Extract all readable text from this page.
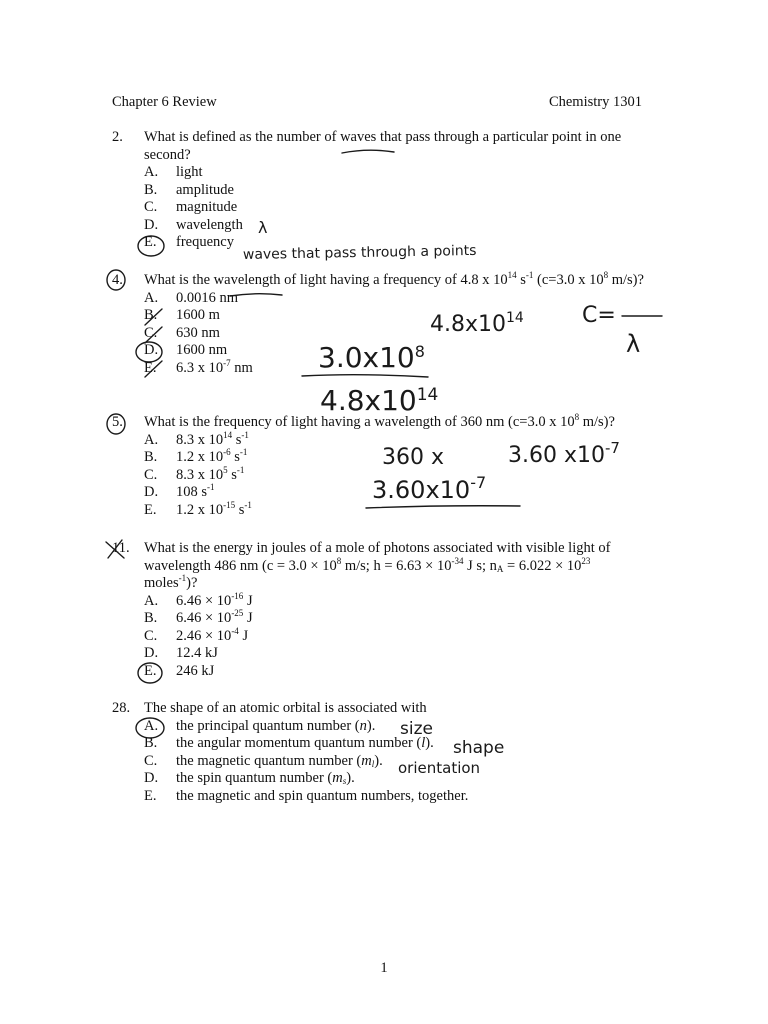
Chapter 6 Review	Chemistry 1301
2.	What is defined as the number of waves that pass through a particular point in one second?
A.	light
B.	amplitude
C.	magnitude
D.	wavelength
E.	frequency
4.	What is the wavelength of light having a frequency of 4.8 x $10^{14}$ $s^{-1}$ (c=3.0 x $10^8$ m/s)?
A.	0.0016 nm
B.	1600 m
C.	630 nm
D.	1600 nm
E.	6.3 x $10^{-7}$ nm
5.	What is the frequency of light having a wavelength of 360 nm (c=3.0 x $10^8$ m/s)?
A.	8.3 x $10^{14}$ $s^{-1}$
B.	1.2 x $10^{-6}$ $s^{-1}$
C.	8.3 x $10^5$ $s^{-1}$
D.	108 $s^{-1}$
E.	1.2 x $10^{-15}$ $s^{-1}$
11. What is the energy in joules of a mole of photons associated with visible light of
wavelength 486 nm ($c = 3.0 \times 10^8$ m/s; $h = 6.63 \times 10^{-34}$ J s; $n_A = 6.022 \times 10^{23}$
moles$^{-1}$)?
A.	$6.46 \times 10^{-16}$ J
B.	$6.46 \times 10^{-25}$ J
C.	$2.46 \times 10^{-4}$ J
D.	12.4 kJ
E.	246 kJ
28. The shape of an atomic orbital is associated with
A.	the principal quantum number (n).
B.	the angular momentum quantum number (l).
C.	the magnetic quantum number $(m_l)$.
D.	the spin quantum number $(m_s)$.
E.	the magnetic and spin quantum numbers, together.
1
λ
waves that pass through a points
$4.8x10^{14}$	C=
λ
$3.0x10^8$
$4.8x10^{14}$
360 x	3.60 $x10^{-7}$
$3.60x10^{-7}$
size
shape
orientation
